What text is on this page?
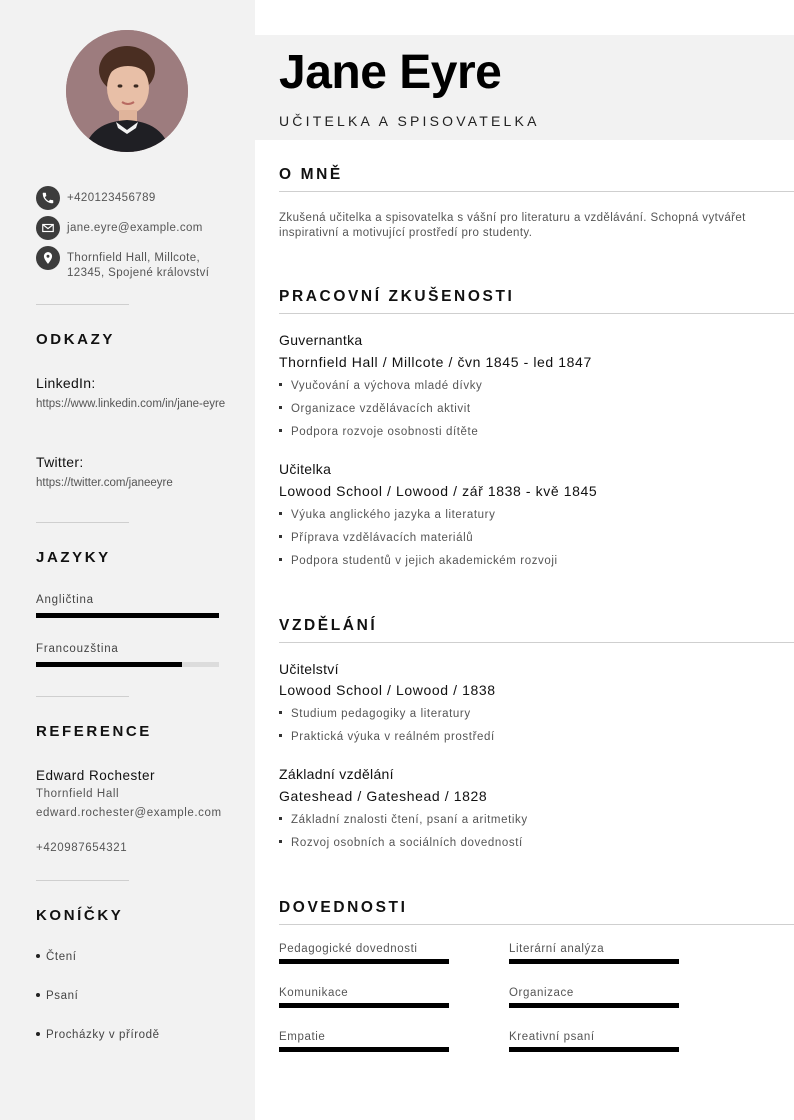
+420123456789
jane.eyre@example.com
Thornfield Hall, Millcote,
12345, Spojené království
ODKAZY
LinkedIn:
https://www.linkedin.com/in/jane-eyre
Twitter:
https://twitter.com/janeeyre
JAZYKY
Angličtina
Francouzština
REFERENCE
Edward Rochester
Thornfield Hall
edward.rochester@example.com
+420987654321
KONÍČKY
Čtení
Psaní
Procházky v přírodě
Jane Eyre
UČITELKA A SPISOVATELKA
O MNĚ
Zkušená učitelka a spisovatelka s vášní pro literaturu a vzdělávání. Schopná vytvářet inspirativní a motivující prostředí pro studenty.
PRACOVNÍ ZKUŠENOSTI
Guvernantka
Thornfield Hall / Millcote / čvn 1845 - led 1847
Vyučování a výchova mladé dívky
Organizace vzdělávacích aktivit
Podpora rozvoje osobnosti dítěte
Učitelka
Lowood School / Lowood / zář 1838 - kvě 1845
Výuka anglického jazyka a literatury
Příprava vzdělávacích materiálů
Podpora studentů v jejich akademickém rozvoji
VZDĚLÁNÍ
Učitelství
Lowood School / Lowood / 1838
Studium pedagogiky a literatury
Praktická výuka v reálném prostředí
Základní vzdělání
Gateshead / Gateshead / 1828
Základní znalosti čtení, psaní a aritmetiky
Rozvoj osobních a sociálních dovedností
DOVEDNOSTI
Pedagogické dovednosti	Literární analýza
Komunikace	Organizace
Empatie	Kreativní psaní
